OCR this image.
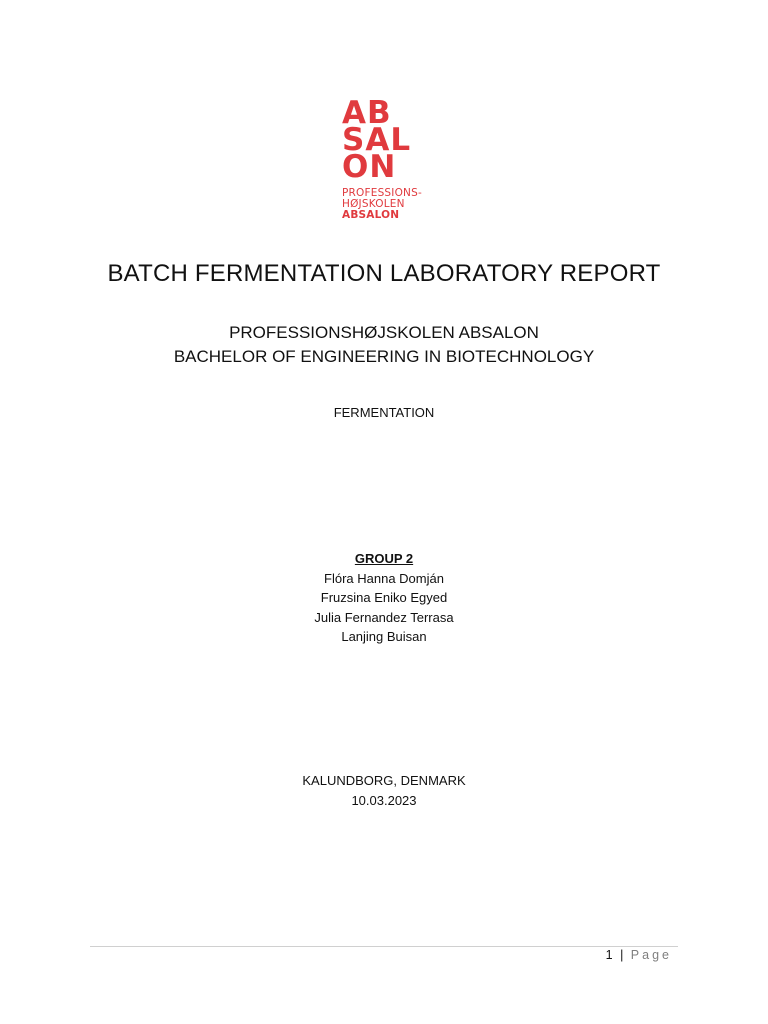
AB
SAL
ON
PROFESSIONS-
HØJSKOLEN
ABSALON
BATCH FERMENTATION LABORATORY REPORT
PROFESSIONSHØJSKOLEN ABSALON
BACHELOR OF ENGINEERING IN BIOTECHNOLOGY
FERMENTATION
GROUP 2
Flóra Hanna Domján
Fruzsina Eniko Egyed
Julia Fernandez Terrasa
Lanjing Buisan
KALUNDBORG, DENMARK
10.03.2023
1 | Page
